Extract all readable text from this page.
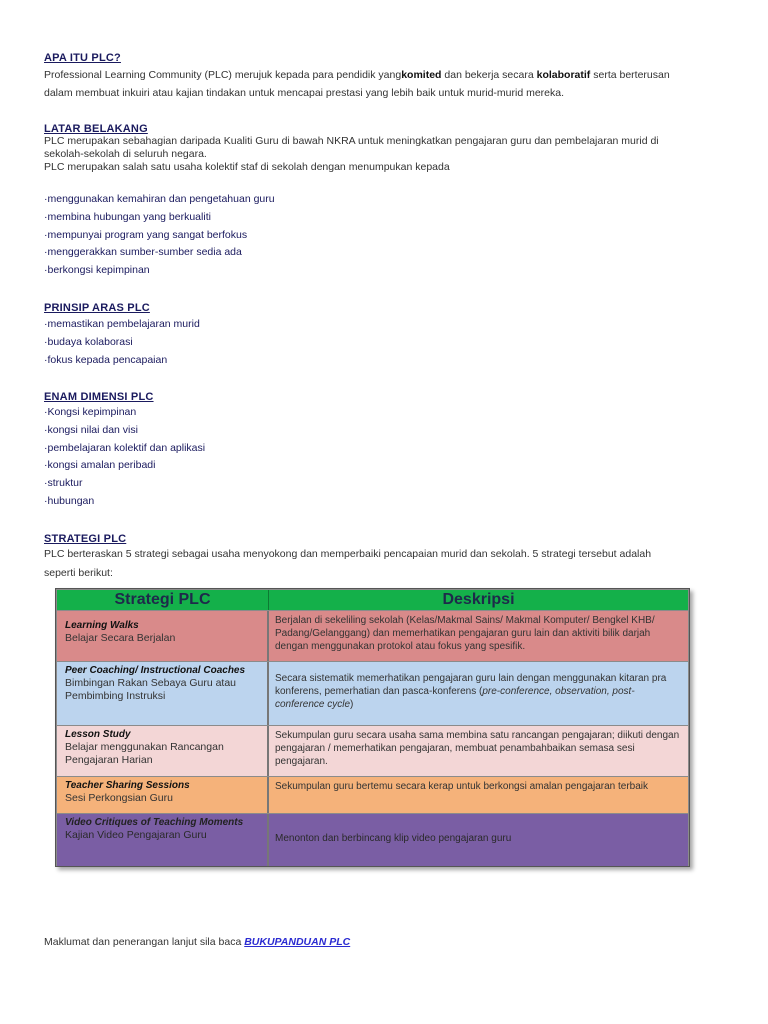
APA ITU PLC?

Professional Learning Community (PLC) merujuk kepada para pendidik yangkomited dan bekerja secara kolaboratif serta berterusan

dalam membuat inkuiri atau kajian tindakan untuk mencapai prestasi yang lebih baik untuk murid-murid mereka.

LATAR BELAKANG

PLC merupakan sebahagian daripada Kualiti Guru di bawah NKRA untuk meningkatkan pengajaran guru dan pembelajaran murid di

sekolah-sekolah di seluruh negara.

PLC merupakan salah satu usaha kolektif staf di sekolah dengan menumpukan kepada

· menggunakan kemahiran dan pengetahuan guru
· membina hubungan yang berkualiti
· mempunyai program yang sangat berfokus
· menggerakkan sumber-sumber sedia ada
· berkongsi kepimpinan

PRINSIP ARAS PLC

· memastikan pembelajaran murid
· budaya kolaborasi
· fokus kepada pencapaian

ENAM DIMENSI PLC

· Kongsi kepimpinan
· kongsi nilai dan visi
· pembelajaran kolektif dan aplikasi
· kongsi amalan peribadi
· struktur
· hubungan

STRATEGI PLC

PLC berteraskan 5 strategi sebagai usaha menyokong dan memperbaiki pencapaian murid dan sekolah. 5 strategi tersebut adalah

seperti berikut:

Strategi PLC	Deskripsi
Learning Walks
Belajar Secara Berjalan
Berjalan di sekeliling sekolah (Kelas/Makmal Sains/ Makmal Komputer/ Bengkel KHB/ Padang/Gelanggang) dan memerhatikan pengajaran guru lain dan aktiviti bilik darjah dengan menggunakan protokol atau fokus yang spesifik.
Peer Coaching/ Instructional Coaches
Bimbingan Rakan Sebaya Guru atau Pembimbing Instruksi
Secara sistematik memerhatikan pengajaran guru lain dengan menggunakan kitaran pra konferens, pemerhatian dan pasca-konferens (pre-conference, observation, post-conference cycle)
Lesson Study
Belajar menggunakan Rancangan Pengajaran Harian
Sekumpulan guru secara usaha sama membina satu rancangan pengajaran; diikuti dengan pengajaran / memerhatikan pengajaran, membuat penambahbaikan semasa sesi pengajaran.
Teacher Sharing Sessions
Sesi Perkongsian Guru
Sekumpulan guru bertemu secara kerap untuk berkongsi amalan pengajaran terbaik
Video Critiques of Teaching Moments
Kajian Video Pengajaran Guru	Menonton dan berbincang klip video pengajaran guru
Maklumat dan penerangan lanjut sila baca BUKUPANDUAN PLC
